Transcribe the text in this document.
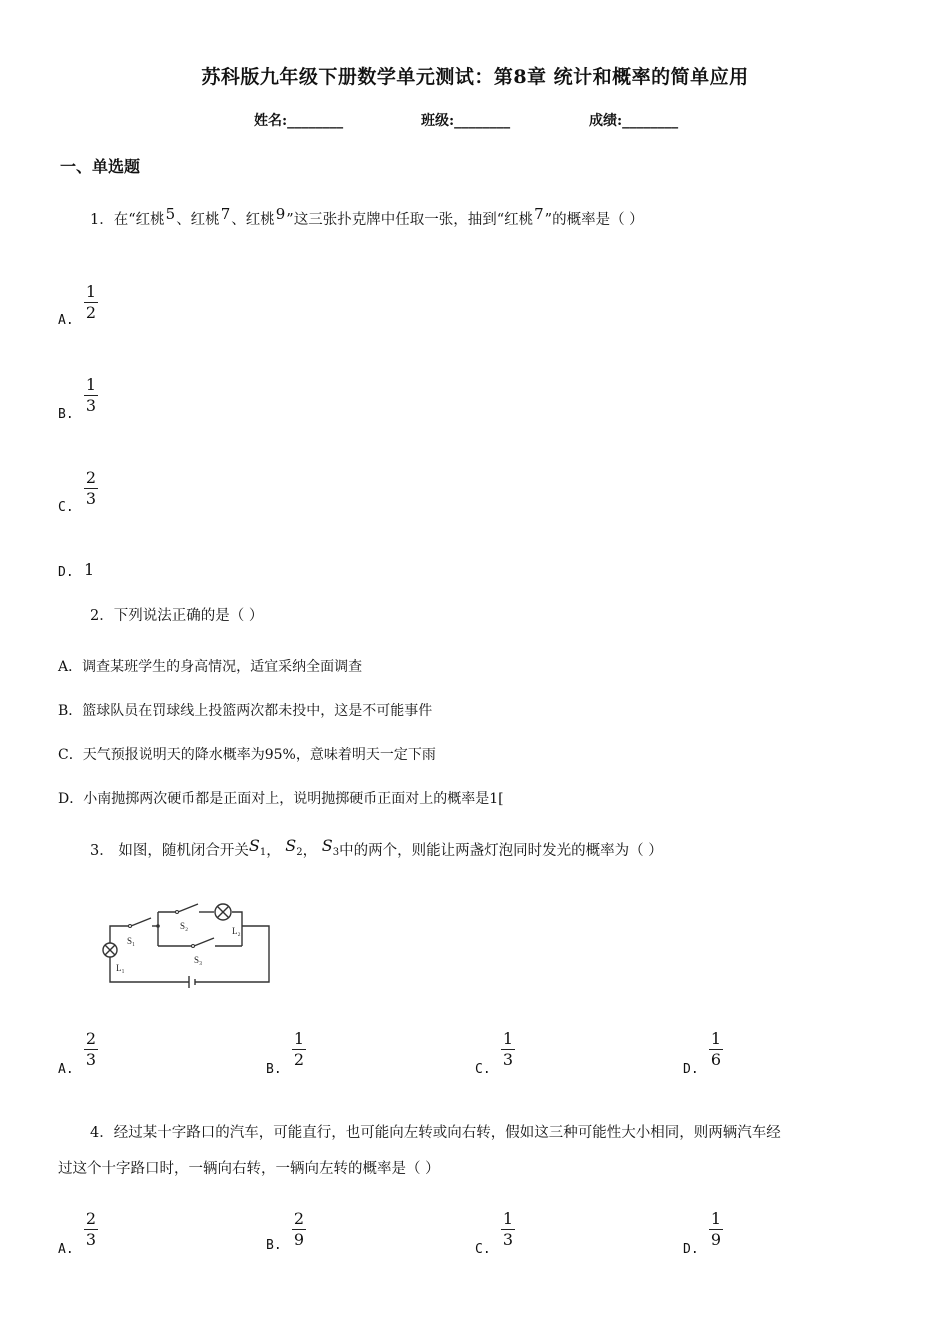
苏科版九年级下册数学单元测试：第8章 统计和概率的简单应用
姓名:________	班级:________	成绩:________
一、单选题
1．在“红桃5、红桃7、红桃9”这三张扑克牌中任取一张，抽到“红桃7”的概率是（ ）
A.
1
2
B.
1
3
C.
2
3
D. 1
2．下列说法正确的是（ ）
A．调查某班学生的身高情况，适宜采纳全面调查
B．篮球队员在罚球线上投篮两次都未投中，这是不可能事件
C．天气预报说明天的降水概率为95%，意味着明天一定下雨
D．小南抛掷两次硬币都是正面对上，说明抛掷硬币正面对上的概率是1[
3． 如图，随机闭合开关S1， S2， S3中的两个，则能让两盏灯泡同时发光的概率为（ ）
S₁
S₂
S₃
L₁
L₂
A.
2
3
B.
1
2
C.
1
3
D.
1
6
4．经过某十字路口的汽车，可能直行，也可能向左转或向右转，假如这三种可能性大小相同，则两辆汽车经
过这个十字路口时，一辆向右转，一辆向左转的概率是（ ）
A.
2
3	B.
2
9
C.
1
3
D.
1
9
